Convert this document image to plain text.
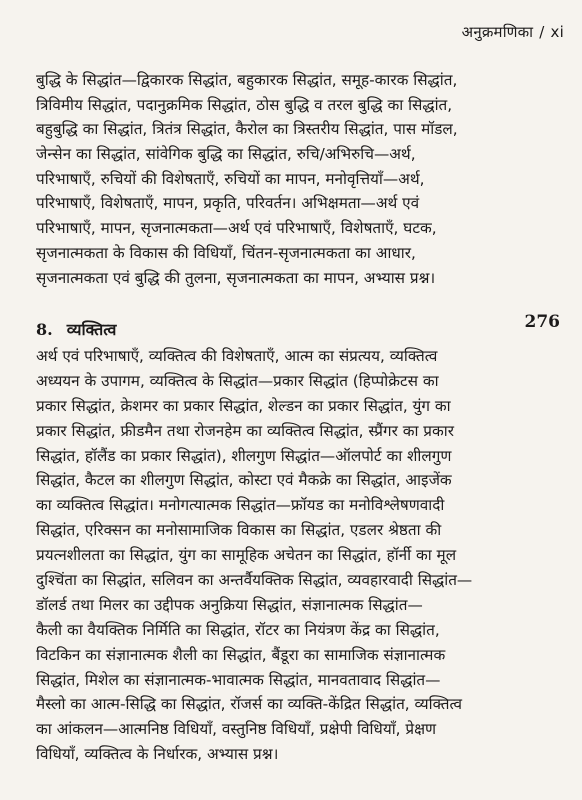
अनुक्रमणिका / xi
बुद्धि के सिद्धांत—द्विकारक सिद्धांत, बहुकारक सिद्धांत, समूह-कारक सिद्धांत,
त्रिविमीय सिद्धांत, पदानुक्रमिक सिद्धांत, ठोस बुद्धि व तरल बुद्धि का सिद्धांत,
बहुबुद्धि का सिद्धांत, त्रितंत्र सिद्धांत, कैरोल का त्रिस्तरीय सिद्धांत, पास मॉडल,
जेन्सेन का सिद्धांत, सांवेगिक बुद्धि का सिद्धांत, रुचि/अभिरुचि—अर्थ,
परिभाषाएँ, रुचियों की विशेषताएँ, रुचियों का मापन, मनोवृत्तियाँ—अर्थ,
परिभाषाएँ, विशेषताएँ, मापन, प्रकृति, परिवर्तन। अभिक्षमता—अर्थ एवं
परिभाषाएँ, मापन, सृजनात्मकता—अर्थ एवं परिभाषाएँ, विशेषताएँ, घटक,
सृजनात्मकता के विकास की विधियाँ, चिंतन-सृजनात्मकता का आधार,
सृजनात्मकता एवं बुद्धि की तुलना, सृजनात्मकता का मापन, अभ्यास प्रश्न।
8. व्यक्तित्व	276
अर्थ एवं परिभाषाएँ, व्यक्तित्व की विशेषताएँ, आत्म का संप्रत्यय, व्यक्तित्व
अध्ययन के उपागम, व्यक्तित्व के सिद्धांत—प्रकार सिद्धांत (हिप्पोक्रेटस का
प्रकार सिद्धांत, क्रेशमर का प्रकार सिद्धांत, शेल्डन का प्रकार सिद्धांत, युंग का
प्रकार सिद्धांत, फ्रीडमैन तथा रोजनहेम का व्यक्तित्व सिद्धांत, स्प्रैंगर का प्रकार
सिद्धांत, हॉलैंड का प्रकार सिद्धांत), शीलगुण सिद्धांत—ऑलपोर्ट का शीलगुण
सिद्धांत, कैटल का शीलगुण सिद्धांत, कोस्टा एवं मैकक्रे का सिद्धांत, आइजेंक
का व्यक्तित्व सिद्धांत। मनोगत्यात्मक सिद्धांत—फ्रॉयड का मनोविश्लेषणवादी
सिद्धांत, एरिक्सन का मनोसामाजिक विकास का सिद्धांत, एडलर श्रेष्ठता की
प्रयत्नशीलता का सिद्धांत, युंग का सामूहिक अचेतन का सिद्धांत, हॉर्नी का मूल
दुश्चिंता का सिद्धांत, सलिवन का अन्तर्वैयक्तिक सिद्धांत, व्यवहारवादी सिद्धांत—
डॉलर्ड तथा मिलर का उद्दीपक अनुक्रिया सिद्धांत, संज्ञानात्मक सिद्धांत—
कैली का वैयक्तिक निर्मिति का सिद्धांत, रॉटर का नियंत्रण केंद्र का सिद्धांत,
विटकिन का संज्ञानात्मक शैली का सिद्धांत, बैंडूरा का सामाजिक संज्ञानात्मक
सिद्धांत, मिशेल का संज्ञानात्मक-भावात्मक सिद्धांत, मानवतावाद सिद्धांत—
मैस्लो का आत्म-सिद्धि का सिद्धांत, रॉजर्स का व्यक्ति-केंद्रित सिद्धांत, व्यक्तित्व
का आंकलन—आत्मनिष्ठ विधियाँ, वस्तुनिष्ठ विधियाँ, प्रक्षेपी विधियाँ, प्रेक्षण
विधियाँ, व्यक्तित्व के निर्धारक, अभ्यास प्रश्न।
